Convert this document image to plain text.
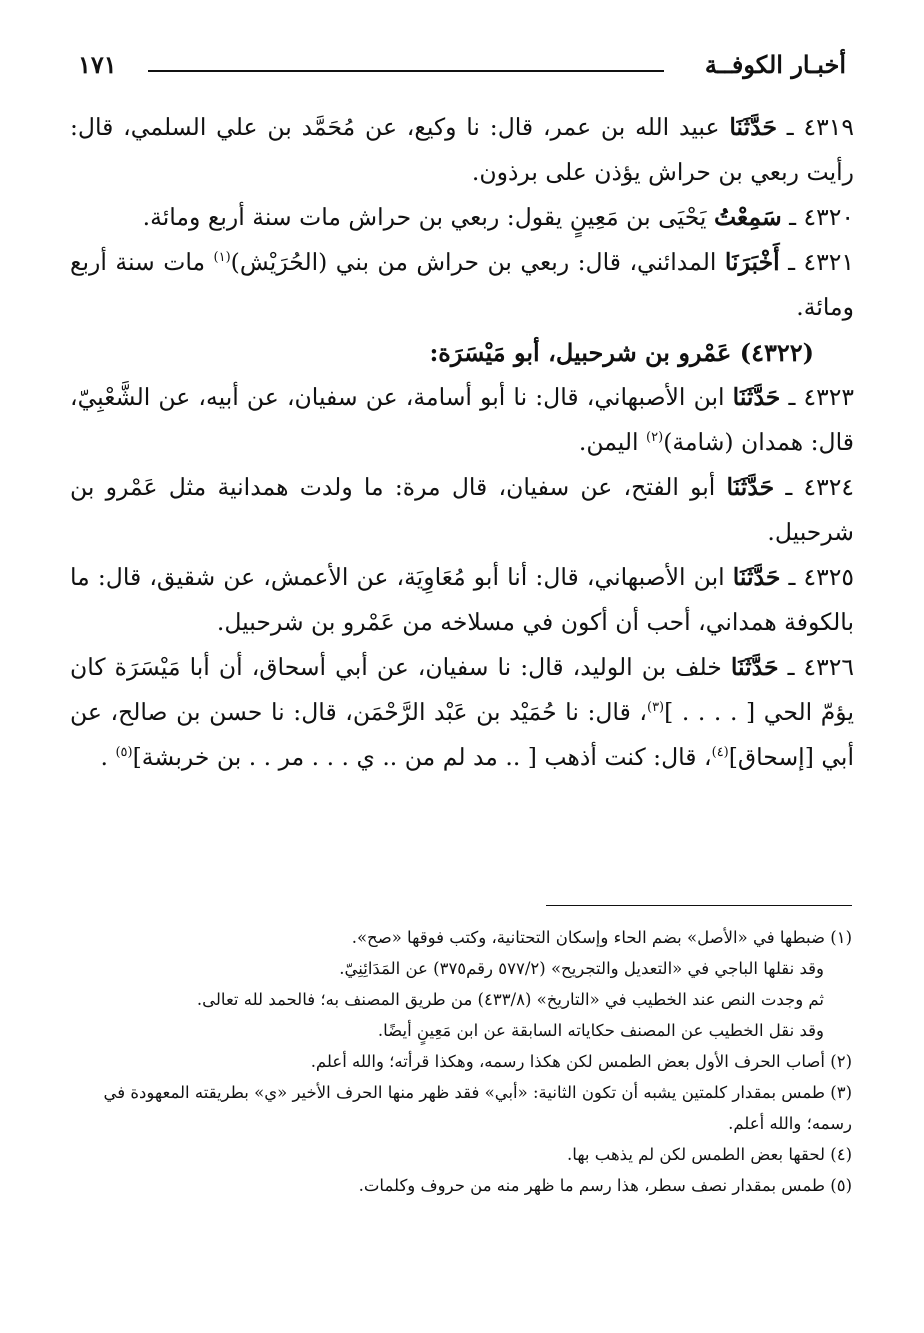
أخبـار الكوفــة
١٧١

٤٣١٩ ـ حَدَّثَنَا عبيد الله بن عمر، قال: نا وكيع، عن مُحَمَّد بن علي السلمي، قال: رأيت ربعي بن حراش يؤذن على برذون.

٤٣٢٠ ـ سَمِعْتُ يَحْيَى بن مَعِينٍ يقول: ربعي بن حراش مات سنة أربع ومائة.

٤٣٢١ ـ أَخْبَرَنَا المدائني، قال: ربعي بن حراش من بني (الحُرَيْش)$^{(١)}$ مات سنة أربع ومائة.

(٤٣٢٢) عَمْرو بن شرحبيل، أبو مَيْسَرَة:

٤٣٢٣ ـ حَدَّثَنَا ابن الأصبهاني، قال: نا أبو أسامة، عن سفيان، عن أبيه، عن الشَّعْبِيّ، قال: همدان (شامة)$^{(٢)}$ اليمن.

٤٣٢٤ ـ حَدَّثَنَا أبو الفتح، عن سفيان، قال مرة: ما ولدت همدانية مثل عَمْرو بن شرحبيل.

٤٣٢٥ ـ حَدَّثَنَا ابن الأصبهاني، قال: أنا أبو مُعَاوِيَة، عن الأعمش، عن شقيق، قال: ما بالكوفة همداني، أحب أن أكون في مسلاخه من عَمْرو بن شرحبيل.

٤٣٢٦ ـ حَدَّثَنَا خلف بن الوليد، قال: نا سفيان، عن أبي أسحاق، أن أبا مَيْسَرَة كان يؤمّ الحي [ . . . . ]$^{(٣)}$، قال: نا حُمَيْد بن عَبْد الرَّحْمَن، قال: نا حسن بن صالح، عن أبي [إسحاق]$^{(٤)}$، قال: كنت أذهب [ .. مد لم من .. ي . . . مر . . بن خربشة]$^{(٥)}$ .

(١) ضبطها في «الأصل» بضم الحاء وإسكان التحتانية، وكتب فوقها «صح».

وقد نقلها الباجي في «التعديل والتجريح» (٥٧٧/٢ رقم٣٧٥) عن المَدَائِنِيّ.

ثم وجدت النص عند الخطيب في «التاريخ» (٤٣٣/٨) من طريق المصنف به؛ فالحمد لله تعالى.

وقد نقل الخطيب عن المصنف حكاياته السابقة عن ابن مَعِينٍ أيضًا.

(٢) أصاب الحرف الأول بعض الطمس لكن هكذا رسمه، وهكذا قرأته؛ والله أعلم.

(٣) طمس بمقدار كلمتين يشبه أن تكون الثانية: «أبي» فقد ظهر منها الحرف الأخير «ي» بطريقته المعهودة في رسمه؛ والله أعلم.

(٤) لحقها بعض الطمس لكن لم يذهب بها.

(٥) طمس بمقدار نصف سطر، هذا رسم ما ظهر منه من حروف وكلمات.
